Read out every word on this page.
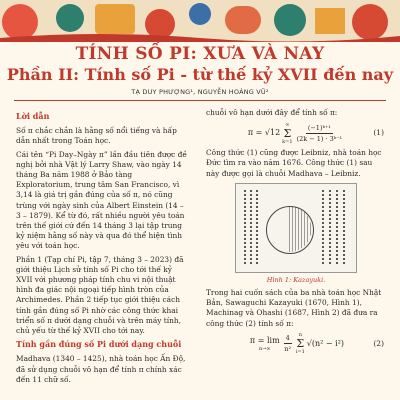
TÍNH SỐ PI: XƯA VÀ NAY
Phần II: Tính số Pi - từ thế kỷ XVII đến nay
TẠ DUY PHƯỢNG¹, NGUYỄN HOÀNG VŨ²
Lời dẫn

Số π chắc chắn là hằng số nổi tiếng và hấp dẫn nhất trong Toán học.

Cái tên “Pi Day–Ngày π” lần đầu tiên được đề nghị bởi nhà Vật lý Larry Shaw, vào ngày 14 tháng Ba năm 1988 ở Bảo tàng Exploratorium, trung tâm San Francisco, vì 3,14 là giá trị gần đúng của số π, nó cũng trùng với ngày sinh của Albert Einstein (14 – 3 – 1879). Kể từ đó, rất nhiều người yêu toán trên thế giới cứ đến 14 tháng 3 lại tập trung kỷ niệm hằng số này và qua đó thể hiện tình yêu với toán học.

Phần 1 (Tạp chí Pi, tập 7, tháng 3 – 2023) đã giới thiệu Lịch sử tính số Pi cho tới thế kỷ XVII với phương pháp tính chu vi nội thuật hình đa giác nội ngoại tiếp hình tròn của Archimedes. Phần 2 tiếp tục giới thiệu cách tính gần đúng số Pi nhờ các công thức khai triển số π dưới dạng chuỗi và trên máy tính, chủ yếu từ thế kỷ XVII cho tới nay.

Tính gần đúng số Pi dưới dạng chuỗi

Madhava (1340 – 1425), nhà toán học Ấn Độ, đã sử dụng chuỗi vô hạn để tính π chính xác đến 11 chữ số.

chuỗi vô hạn dưới đây để tính số π:

π = √12
∞
Σ
$k=1 \frac{\text{(−1)ᵏ⁺¹}}{\text{(2k − 1) · 3ᵏ⁻¹}}$	(1)

Công thức (1) cũng được Leibniz, nhà toán học Đức tìm ra vào năm 1676. Công thức (1) sau này được gọi là chuỗi Madhava – Leibniz.

Hình 1: Kazayuki.

Trong hai cuốn sách của ba nhà toán học Nhật Bản, Sawaguchi Kazayuki (1670, Hình 1), Machinag và Ohashi (1687, Hình 2) đã đưa ra công thức (2) tính số π:

π = lim
$n\to\infty \frac{4}{\text{n²}}$ n
Σ
i=1
√(n² − i²)	(2)
